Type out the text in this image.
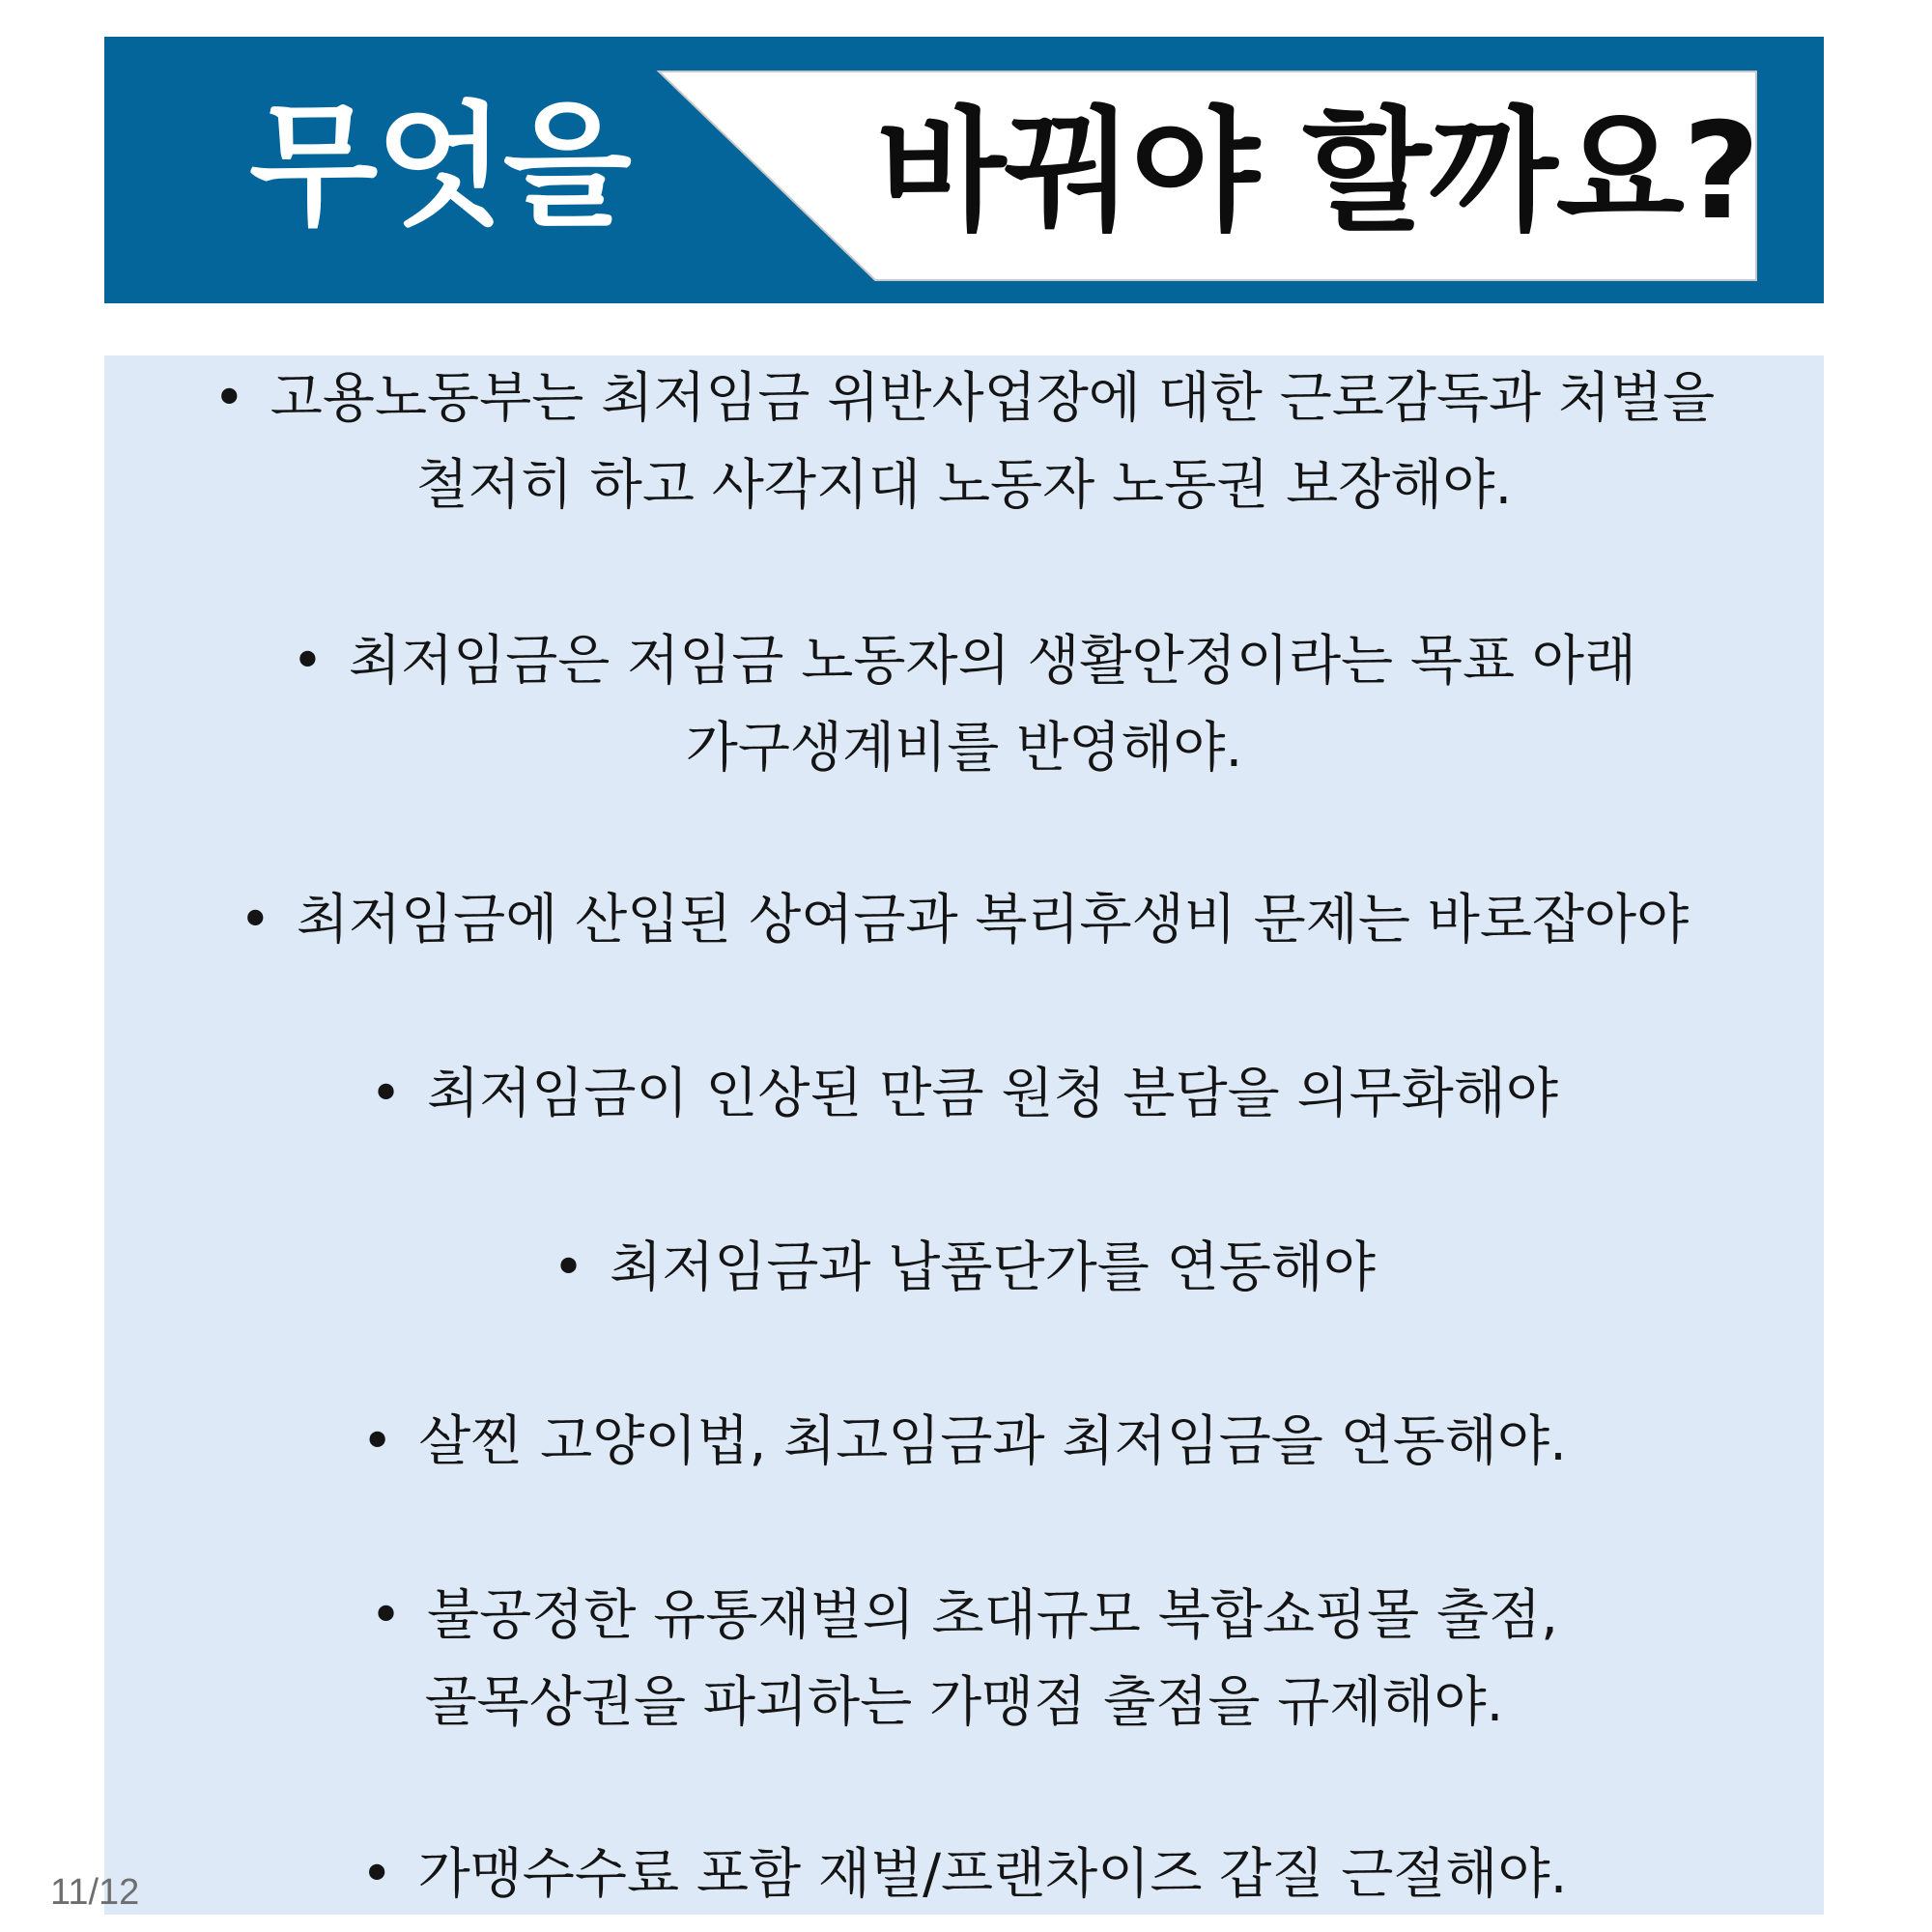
무엇을 바꿔야 할까요?
• 고용노동부는 최저임금 위반사업장에 대한 근로감독과 처벌을
철저히 하고 사각지대 노동자 노동권 보장해야.
• 최저임금은 저임금 노동자의 생활안정이라는 목표 아래
가구생계비를 반영해야.
• 최저임금에 산입된 상여금과 복리후생비 문제는 바로잡아야
• 최저임금이 인상된 만큼 원청 분담을 의무화해야
• 최저임금과 납품단가를 연동해야
• 살찐 고양이법, 최고임금과 최저임금을 연동해야.
• 불공정한 유통재벌의 초대규모 복합쇼핑몰 출점,
골목상권을 파괴하는 가맹점 출점을 규제해야.
• 가맹수수료 포함 재벌/프랜차이즈 갑질 근절해야.
11/12
